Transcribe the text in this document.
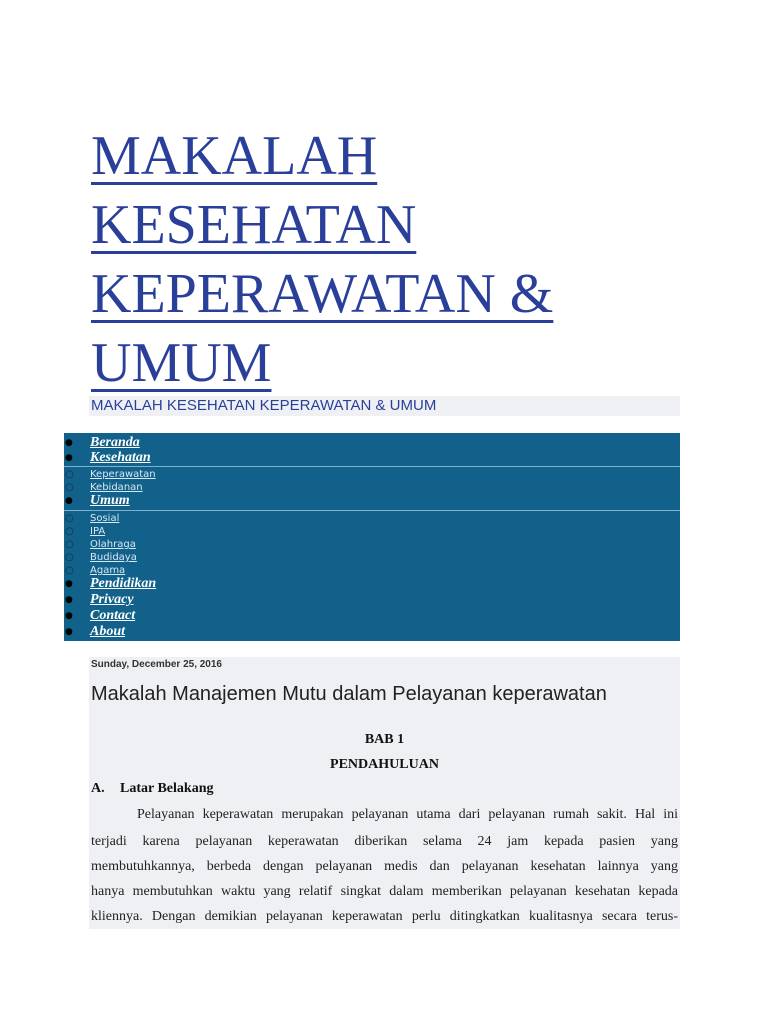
MAKALAH KESEHATAN KEPERAWATAN & UMUM
MAKALAH KESEHATAN KEPERAWATAN & UMUM
●	Beranda
●	Kesehatan
○	Keperawatan
○	Kebidanan
●	Umum
○	Sosial
○	IPA
○	Olahraga
○	Budidaya
○	Agama
●	Pendidikan
●	Privacy
●	Contact
●	About
Sunday, December 25, 2016
Makalah Manajemen Mutu dalam Pelayanan keperawatan
BAB 1
PENDAHULUAN
A. Latar Belakang
Pelayanan keperawatan merupakan pelayanan utama dari pelayanan rumah sakit. Hal ini
terjadi karena pelayanan keperawatan diberikan selama 24 jam kepada pasien yang
membutuhkannya, berbeda dengan pelayanan medis dan pelayanan kesehatan lainnya yang
hanya membutuhkan waktu yang relatif singkat dalam memberikan pelayanan kesehatan kepada
kliennya. Dengan demikian pelayanan keperawatan perlu ditingkatkan kualitasnya secara terus-
